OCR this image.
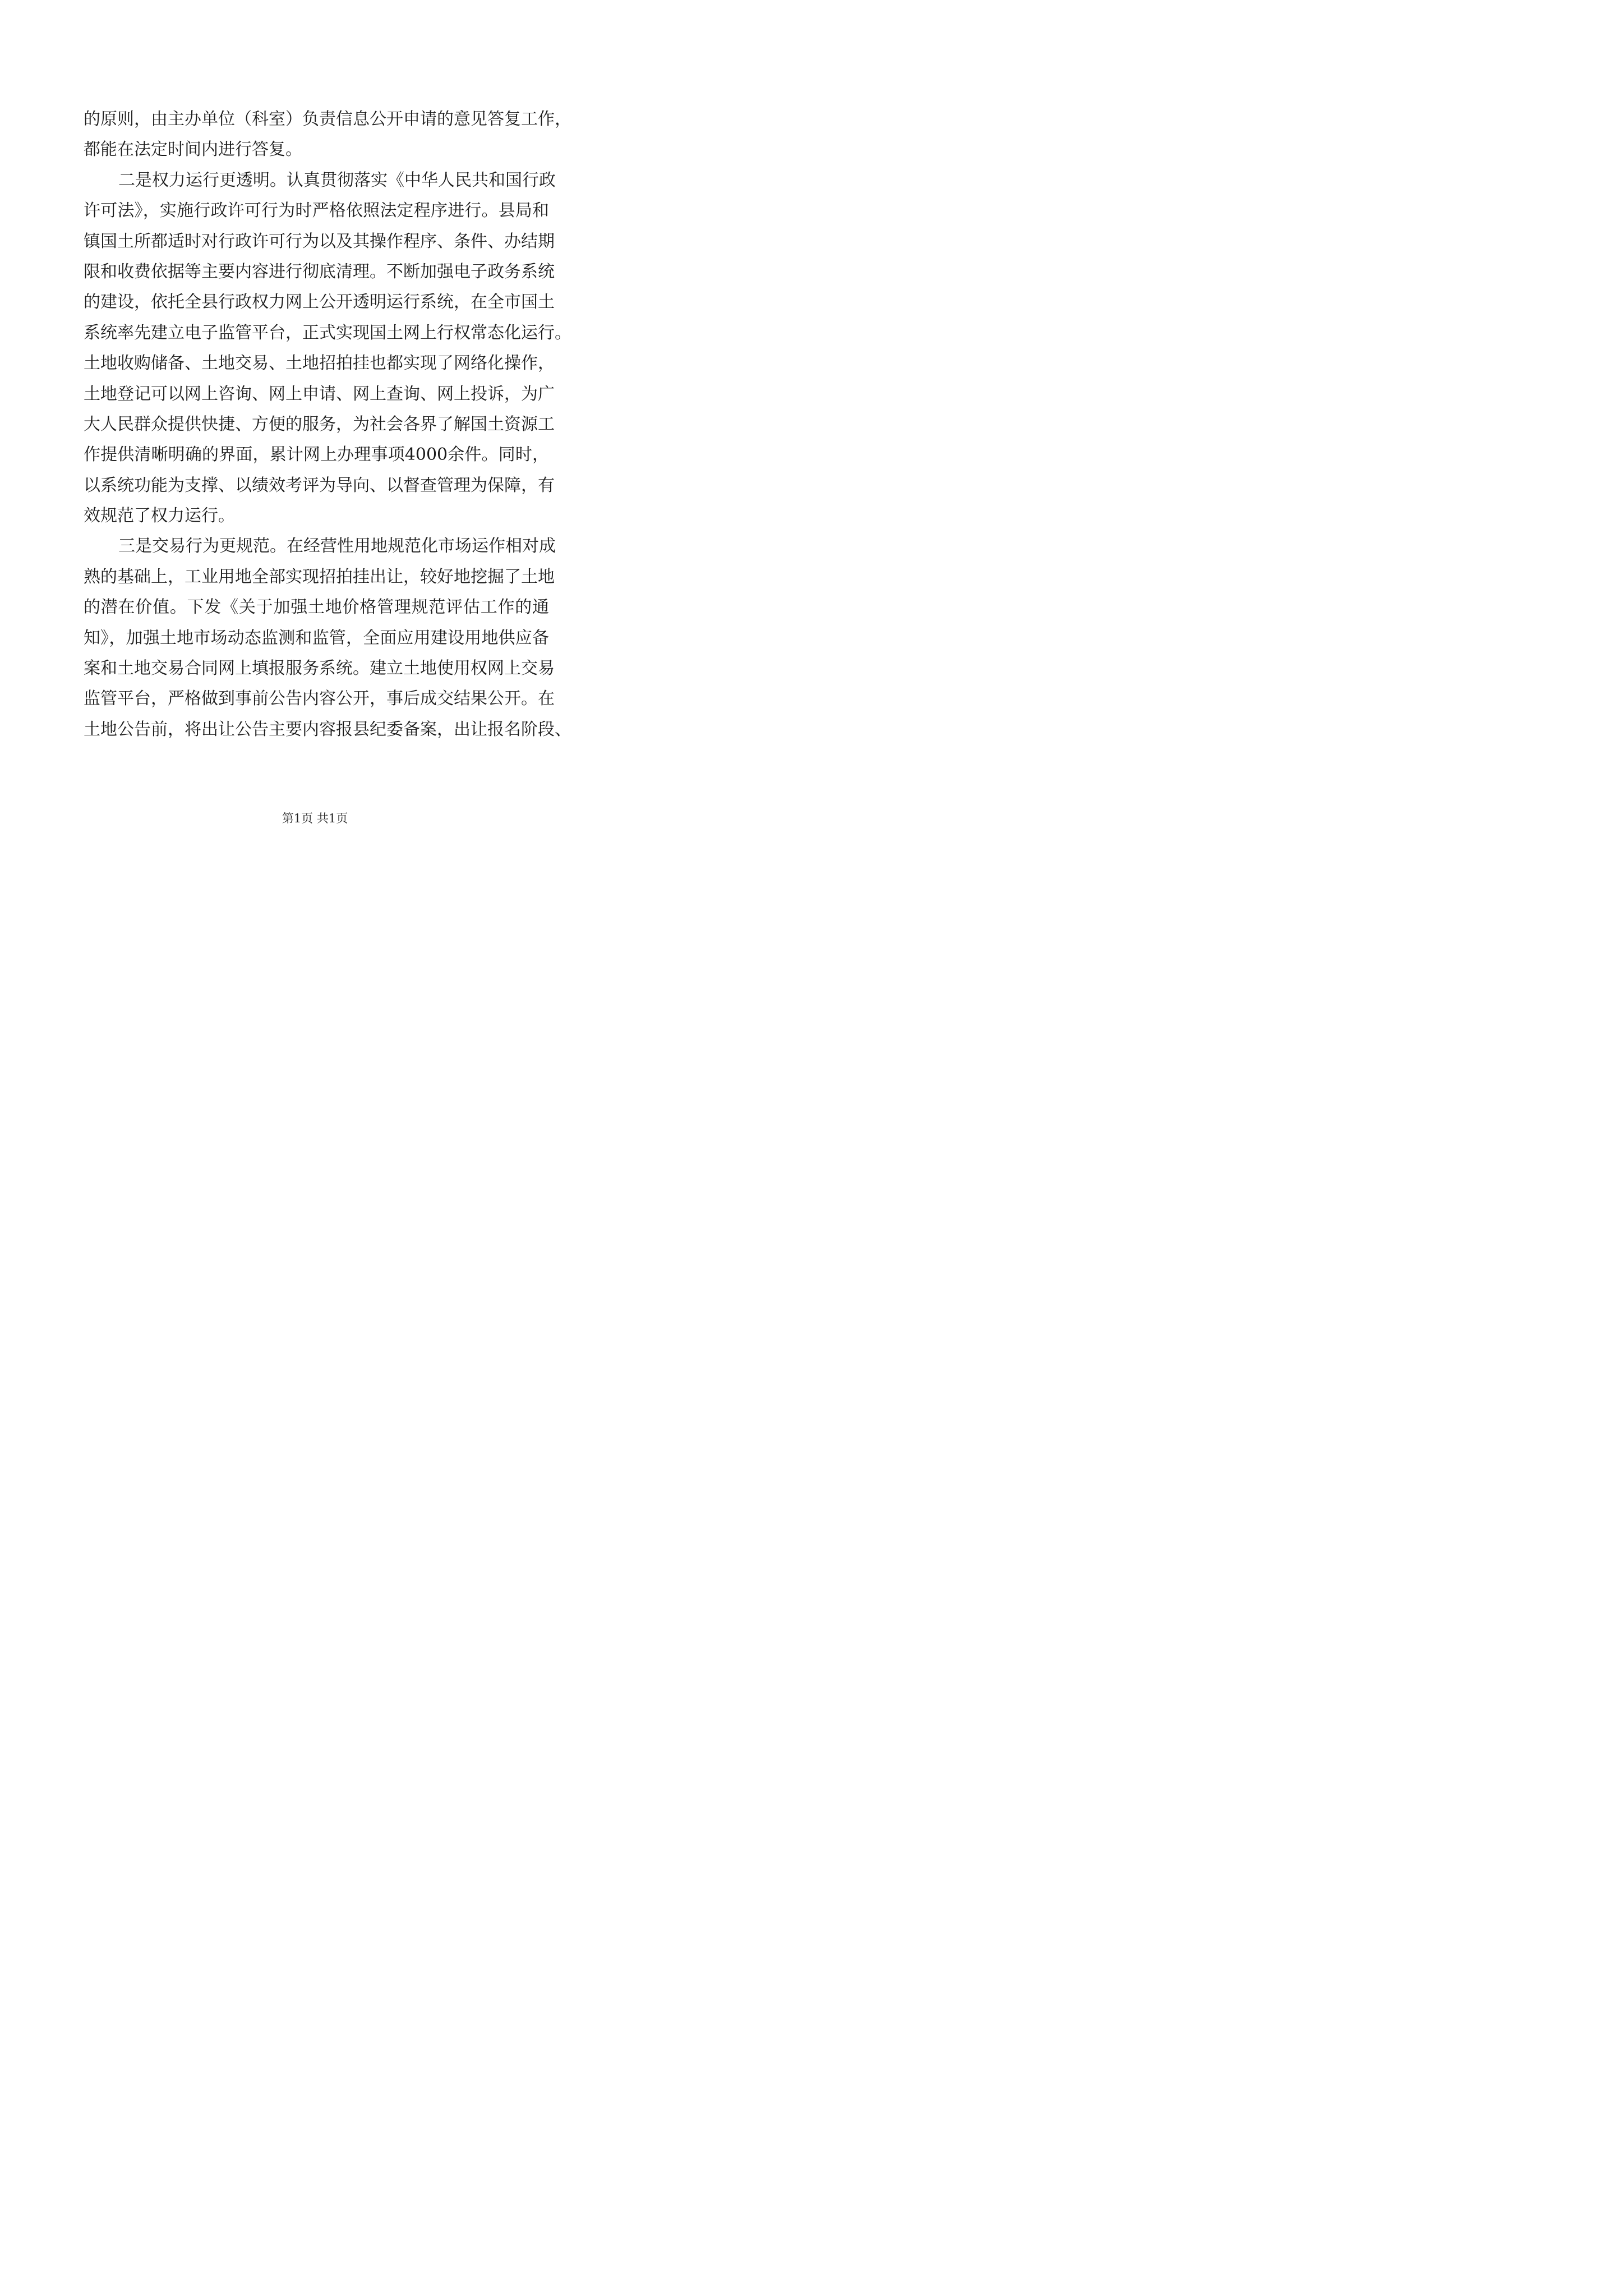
的原则，由主办单位（科室）负责信息公开申请的意见答复工作，
都能在法定时间内进行答复。
二是权力运行更透明。认真贯彻落实《中华人民共和国行政
许可法》，实施行政许可行为时严格依照法定程序进行。县局和
镇国土所都适时对行政许可行为以及其操作程序、条件、办结期
限和收费依据等主要内容进行彻底清理。不断加强电子政务系统
的建设，依托全县行政权力网上公开透明运行系统，在全市国土
系统率先建立电子监管平台，正式实现国土网上行权常态化运行。
土地收购储备、土地交易、土地招拍挂也都实现了网络化操作，
土地登记可以网上咨询、网上申请、网上查询、网上投诉，为广
大人民群众提供快捷、方便的服务，为社会各界了解国土资源工
作提供清晰明确的界面，累计网上办理事项4000余件。同时，
以系统功能为支撑、以绩效考评为导向、以督查管理为保障，有
效规范了权力运行。
三是交易行为更规范。在经营性用地规范化市场运作相对成
熟的基础上，工业用地全部实现招拍挂出让，较好地挖掘了土地
的潜在价值。下发《关于加强土地价格管理规范评估工作的通
知》，加强土地市场动态监测和监管，全面应用建设用地供应备
案和土地交易合同网上填报服务系统。建立土地使用权网上交易
监管平台，严格做到事前公告内容公开，事后成交结果公开。在
土地公告前，将出让公告主要内容报县纪委备案，出让报名阶段、
第1页 共1页
